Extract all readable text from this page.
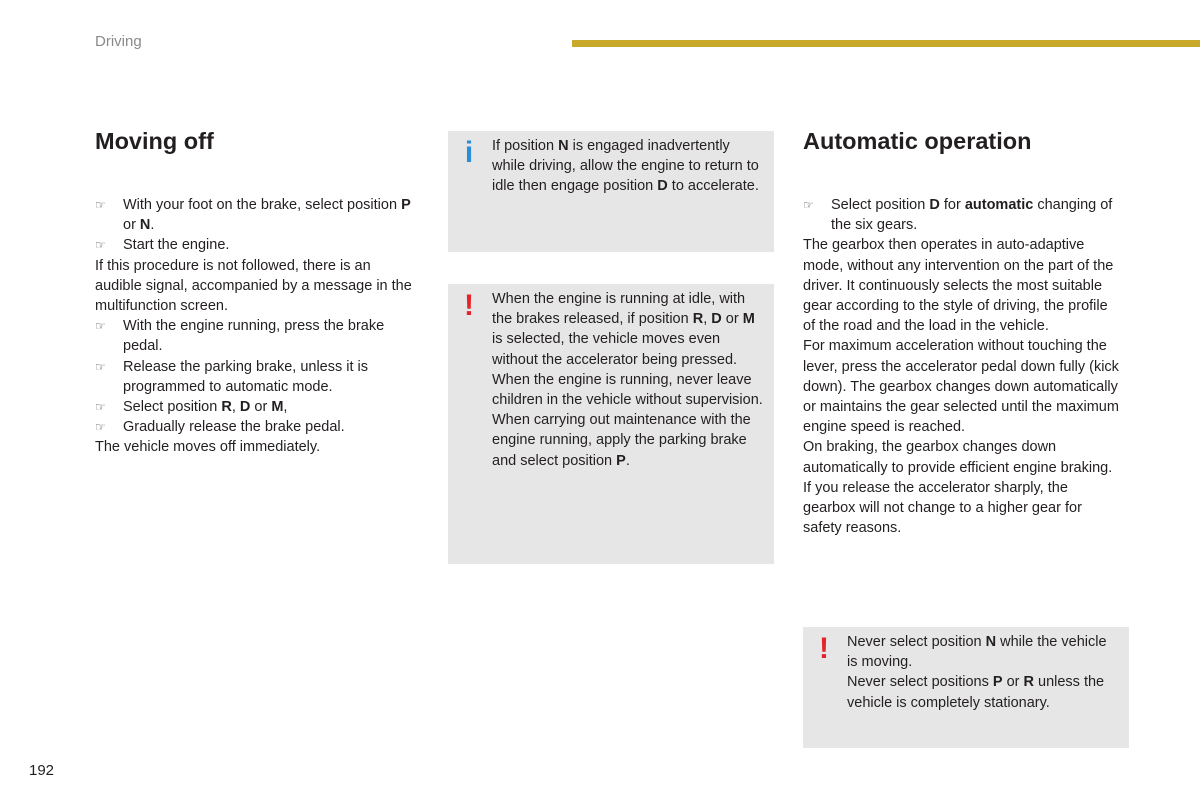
Driving
Moving off
☞	With your foot on the brake, select position P or N.
☞	Start the engine.
If this procedure is not followed, there is an audible signal, accompanied by a message in the multifunction screen.
☞	With the engine running, press the brake pedal.
☞	Release the parking brake, unless it is programmed to automatic mode.
☞	Select position R, D or M,
☞	Gradually release the brake pedal.
The vehicle moves off immediately.
i	If position N is engaged inadvertently while driving, allow the engine to return to idle then engage position D to accelerate.
!	When the engine is running at idle, with the brakes released, if position R, D or M is selected, the vehicle moves even without the accelerator being pressed.
When the engine is running, never leave children in the vehicle without supervision.
When carrying out maintenance with the engine running, apply the parking brake and select position P.
Automatic operation
☞	Select position D for automatic changing of the six gears.
The gearbox then operates in auto-adaptive mode, without any intervention on the part of the driver. It continuously selects the most suitable gear according to the style of driving, the profile of the road and the load in the vehicle.
For maximum acceleration without touching the lever, press the accelerator pedal down fully (kick down). The gearbox changes down automatically or maintains the gear selected until the maximum engine speed is reached.
On braking, the gearbox changes down automatically to provide efficient engine braking.
If you release the accelerator sharply, the gearbox will not change to a higher gear for safety reasons.
!	Never select position N while the vehicle is moving.
Never select positions P or R unless the vehicle is completely stationary.
192
